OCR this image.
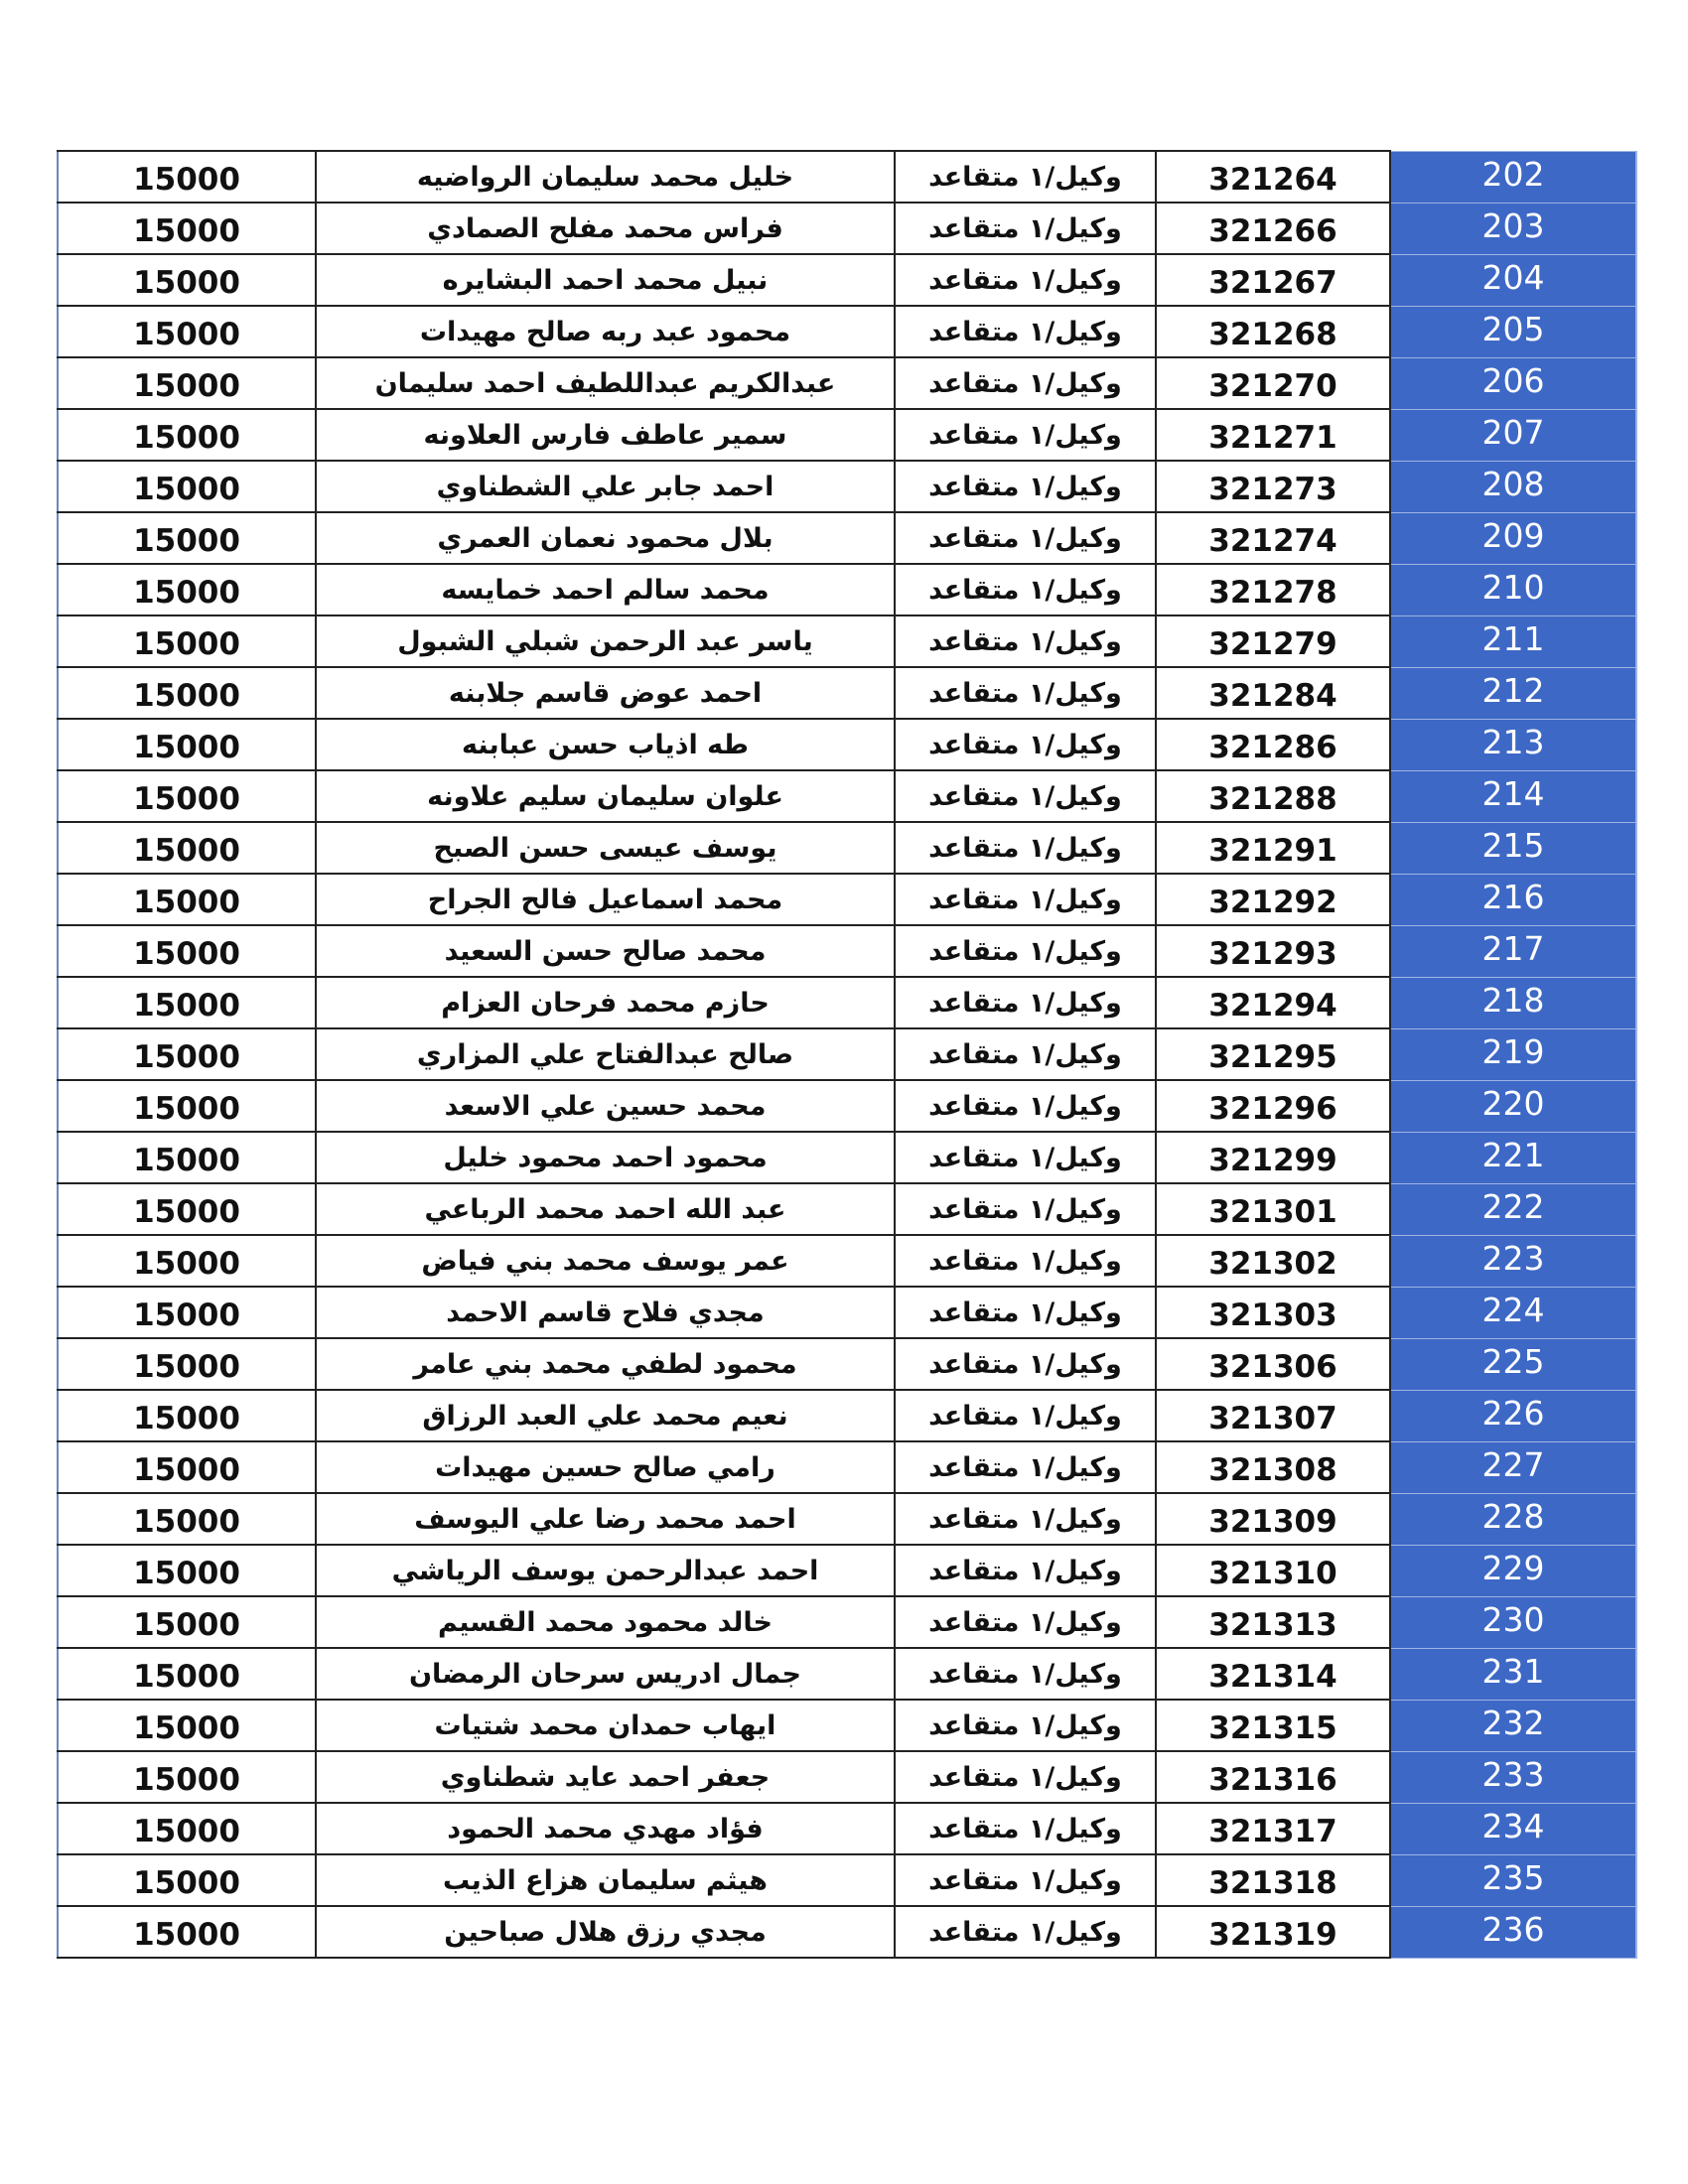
15000	خليل محمد سليمان الرواضيه	وكيل/١ متقاعد	321264	202
15000	فراس محمد مفلح الصمادي	وكيل/١ متقاعد	321266	203
15000	نبيل محمد احمد البشايره	وكيل/١ متقاعد	321267	204
15000	محمود عبد ربه صالح مهيدات	وكيل/١ متقاعد	321268	205
15000	عبدالكريم عبداللطيف احمد سليمان	وكيل/١ متقاعد	321270	206
15000	سمير عاطف فارس العلاونه	وكيل/١ متقاعد	321271	207
15000	احمد جابر علي الشطناوي	وكيل/١ متقاعد	321273	208
15000	بلال محمود نعمان العمري	وكيل/١ متقاعد	321274	209
15000	محمد سالم احمد خمايسه	وكيل/١ متقاعد	321278	210
15000	ياسر عبد الرحمن شبلي الشبول	وكيل/١ متقاعد	321279	211
15000	احمد عوض قاسم جلابنه	وكيل/١ متقاعد	321284	212
15000	طه اذياب حسن عبابنه	وكيل/١ متقاعد	321286	213
15000	علوان سليمان سليم علاونه	وكيل/١ متقاعد	321288	214
15000	يوسف عيسى حسن الصبح	وكيل/١ متقاعد	321291	215
15000	محمد اسماعيل فالح الجراح	وكيل/١ متقاعد	321292	216
15000	محمد صالح حسن السعيد	وكيل/١ متقاعد	321293	217
15000	حازم محمد فرحان العزام	وكيل/١ متقاعد	321294	218
15000	صالح عبدالفتاح علي المزاري	وكيل/١ متقاعد	321295	219
15000	محمد حسين علي الاسعد	وكيل/١ متقاعد	321296	220
15000	محمود احمد محمود خليل	وكيل/١ متقاعد	321299	221
15000	عبد الله احمد محمد الرباعي	وكيل/١ متقاعد	321301	222
15000	عمر يوسف محمد بني فياض	وكيل/١ متقاعد	321302	223
15000	مجدي فلاح قاسم الاحمد	وكيل/١ متقاعد	321303	224
15000	محمود لطفي محمد بني عامر	وكيل/١ متقاعد	321306	225
15000	نعيم محمد علي العبد الرزاق	وكيل/١ متقاعد	321307	226
15000	رامي صالح حسين مهيدات	وكيل/١ متقاعد	321308	227
15000	احمد محمد رضا علي اليوسف	وكيل/١ متقاعد	321309	228
15000	احمد عبدالرحمن يوسف الرياشي	وكيل/١ متقاعد	321310	229
15000	خالد محمود محمد القسيم	وكيل/١ متقاعد	321313	230
15000	جمال ادريس سرحان الرمضان	وكيل/١ متقاعد	321314	231
15000	ايهاب حمدان محمد شتيات	وكيل/١ متقاعد	321315	232
15000	جعفر احمد عايد شطناوي	وكيل/١ متقاعد	321316	233
15000	فؤاد مهدي محمد الحمود	وكيل/١ متقاعد	321317	234
15000	هيثم سليمان هزاع الذيب	وكيل/١ متقاعد	321318	235
15000	مجدي رزق هلال صباحين	وكيل/١ متقاعد	321319	236
